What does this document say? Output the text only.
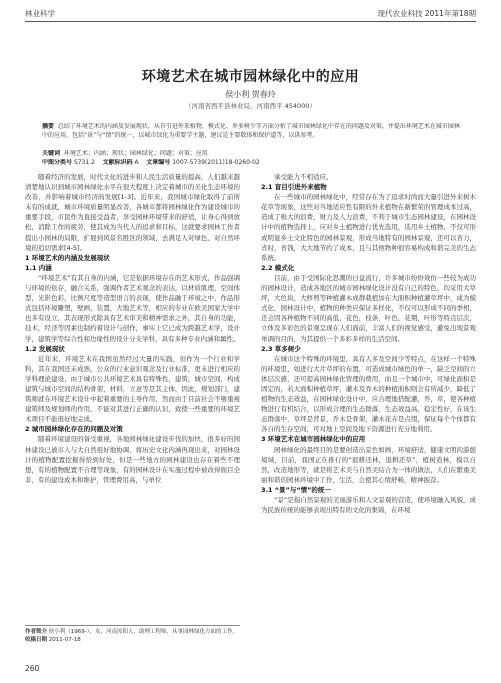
林业科学	现代农业科技 2011年第18期
环境艺术在城市园林绿化中的应用
侯小利 贺春玲
（河南省西平县林业局，河南西平 454000）
摘要 总结了环境艺术的内涵及发展现状，从首引进外来植物，模式化、单多树少等方面分析了城市园林绿化中存在的问题及对策，并提出环境艺术在城市园林中的应用，包括“景”与“情”的统一，以城市绿化为重要学主题，建议是主要数体和保护道等，以供参考。
关键词 环境艺术；内涵；现状；园林绿化；问题；对策；应用
中图分类号 S731.2 文献标识码 A 文章编号 1007-5739(2011)18-0260-02

随着经济的发展，时代文化的进步和人民生活质量的提高，人们越来越清楚地认识到城市园林绿化水平在很大程度上决定着城市的美化生态环境的改善，并影响着城市经济的发展[1-3]。近年来，我国城市绿化取得了前所未有的成就，城市环境质量明显改善，各城市都将园林绿化作为建设城市的重要手段，市民作为直接受益者，享受园林环境带来的舒适，让身心得到放松，消除工作的疲劳，使其成为当代人的追求和目标，这就要求园林工作者提出小园林的局限，扩展到风景名胜区的领域，去满足人对绿色、对自然环境的追切需求[4-5]。

1 环境艺术的内涵及发展现状

1.1 内涵

“环境艺术”有其自身的内涵，它是依据环境存在的艺术形式，作品强调与环境的依存，融合关系，强调作者艺术观念的表达，以材质肌理，空间体型，光影色彩，比例尺度等造型语言的表现，使作品融于环境之中，作品形式包括环境雕塑，壁画，装置，大地艺术等，相应的专业在欧美国家大学中也多有设立，其表现形式除具有艺术审美和精神需求之外，其自身的功能，技术，经济等因素也制约着设计与创作，事实上它已成为跨越艺术学，设计学，建筑学等综合性和边缘性的设计分支学科，具有多种专业内涵和属性。

1.2 发展现状

近年来，环境艺术在我国虽然经过大量的实践，但作为一个行业和学科，其在我国还未成熟，公众的行业意识观念及行业标准，更未进行相应的学科理论建设，由于城市公共环境艺术具有特殊性，建筑，城市空间，构成建筑与城市空间的结构骨架，材料，立意等是其主体，因此，规划部门，建筑师就在环境艺术设计中起着重要的主导作用，然而由于目前社会不够重视建筑师及规划师的作用，不能对其进行正确的认识，致使一些重要的环境艺术项目不能很好地完成。

2 城市园林绿化存在的问题及对策

随着环境建设的备受重视，各地园林绿化建设步伐的加快，很多好的园林建设已被市人与大自然很好地协调，将历史文化内涵再现出来，对园林设计的植物配置挖掘得恰到好处，但是一些地方的园林建设也存在着些不理想，有的植物配置不合理等现象，有的园林设计在实施过程中被改得面目全非，有的建设成本和维护，管理费用高，与单位

承受能力不相适应。

2.1 盲目引进外来植物

在一些城市的园林绿化中，经常存在为了追求时尚而大量引进外来树木花草等现象，这些对当地适应性有限的外来植物在新繁荣的管理成本过高，造成了极大的浪费，财力及人力浪费，不利于城市生态园林建设，在园林设计中的植物选择上，应对乡土植物进行优先选用，选用乡土植物，不仅可形成明显乡土文化特色的园林景观，形成当地特有的园林景观，还可以省力，省时，省钱，大大地节约了成本，且与其他物种很容易构成和谐完美的生态系统。

2.2 模式化

目前，由于受国际化思潮的日益流行，许多城市纷纷效仿一些较为成功的园林设计，造成各地区的城市园林绿化设计没有自己的特色，均采用大草坪，大色块，大修剪等种植灌木成群栽植加在大面积种植灌草坪中，成为模式化，园林设计中，植物的种类应保证多样化，不仅可以形成不同的季相，还会因各种植物不同的高低，花色，枝条，叶色，花期，叶形等特点层次，立体及多彩色的景观呈现在人们面前，丰富人们的视觉感受，避免出现景观单调的目的，为其提供一个多彩多样的生活空间。

2.3 草多树少

在城市这个特殊的环境里，具有人多及空间少等特点，在这样一个特殊的环境里，如进行大片草坪的布置，可造成城市绿色的单一，缺乏空间的立体层次感，还可提高园林绿化管理的费用，而且一个城市中，可绿化面积是固定的，若大面积种植草坪，灌木及乔木的种植面积则会有所减少，降低了植物的生态效益，在园林绿化设计中，应合理地搭配灌，乔，草，使各种植物进行有机结合，以形成合理的生态群落，生态效益高，稳定性好，在该生态群落中，草坪是背景，乔木是骨架，灌木花卉是点缀，保证每个个体都有各自的生存空间，可对地上空间及地下资源进行充分地利用。

3 环境艺术在城市园林绿化中的应用

园林绿化的最终目的是要创造出景色如画，环境舒适，健康文明的游憩境域，目前，我国正在推行的“退耕还林，退耕还草”，植树造林，模以自然，改造地形等，就是将艺术美与自然美结合为一体的做法，人们在繁重美丽和谐的园林环境中工作，生活，会使其心情舒畅，精神振奋。

3.1 “景”与“情”的统一

“景”是指自然景观的美丽游乐和人文景观的营造，使环境融入风貌，成为民族传统的能够表现出特有的文化的集锦，在环境

作者简介 侯小利（1969-），女，河南汝阳人，助理工程师，从事园林绿化方面的工作。
收稿日期 2011-07-18
260
